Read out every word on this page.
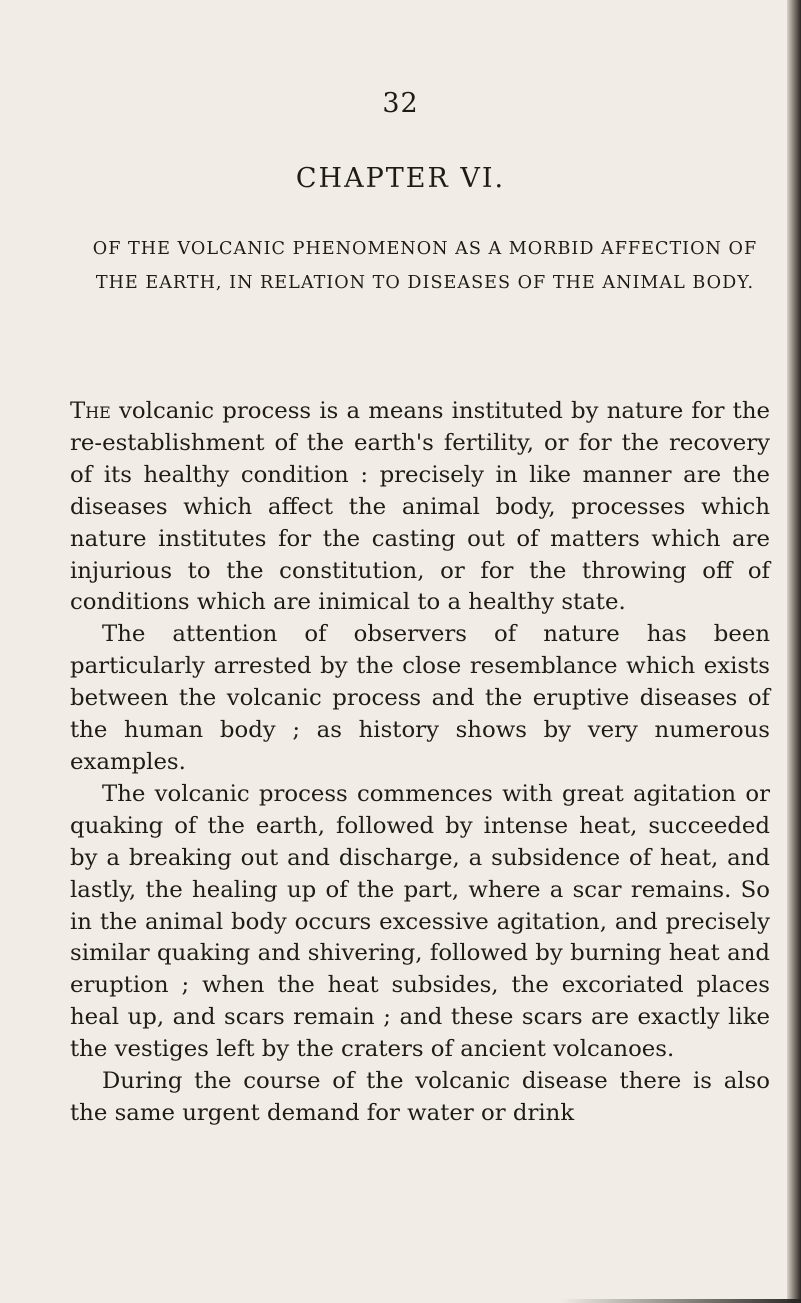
32
CHAPTER VI.
OF THE VOLCANIC PHENOMENON AS A MORBID AFFECTION OF THE EARTH, IN RELATION TO DISEASES OF THE ANIMAL BODY.

The volcanic process is a means instituted by nature for the re-establishment of the earth's fertility, or for the recovery of its healthy condition : precisely in like manner are the diseases which affect the animal body, processes which nature institutes for the casting out of matters which are injurious to the constitution, or for the throwing off of conditions which are inimical to a healthy state.

The attention of observers of nature has been particularly arrested by the close resemblance which exists between the volcanic process and the eruptive diseases of the human body ; as history shows by very numerous examples.

The volcanic process commences with great agitation or quaking of the earth, followed by intense heat, succeeded by a breaking out and discharge, a subsidence of heat, and lastly, the healing up of the part, where a scar remains. So in the animal body occurs excessive agitation, and precisely similar quaking and shivering, followed by burning heat and eruption ; when the heat subsides, the excoriated places heal up, and scars remain ; and these scars are exactly like the vestiges left by the craters of ancient volcanoes.

During the course of the volcanic disease there is also the same urgent demand for water or drink
